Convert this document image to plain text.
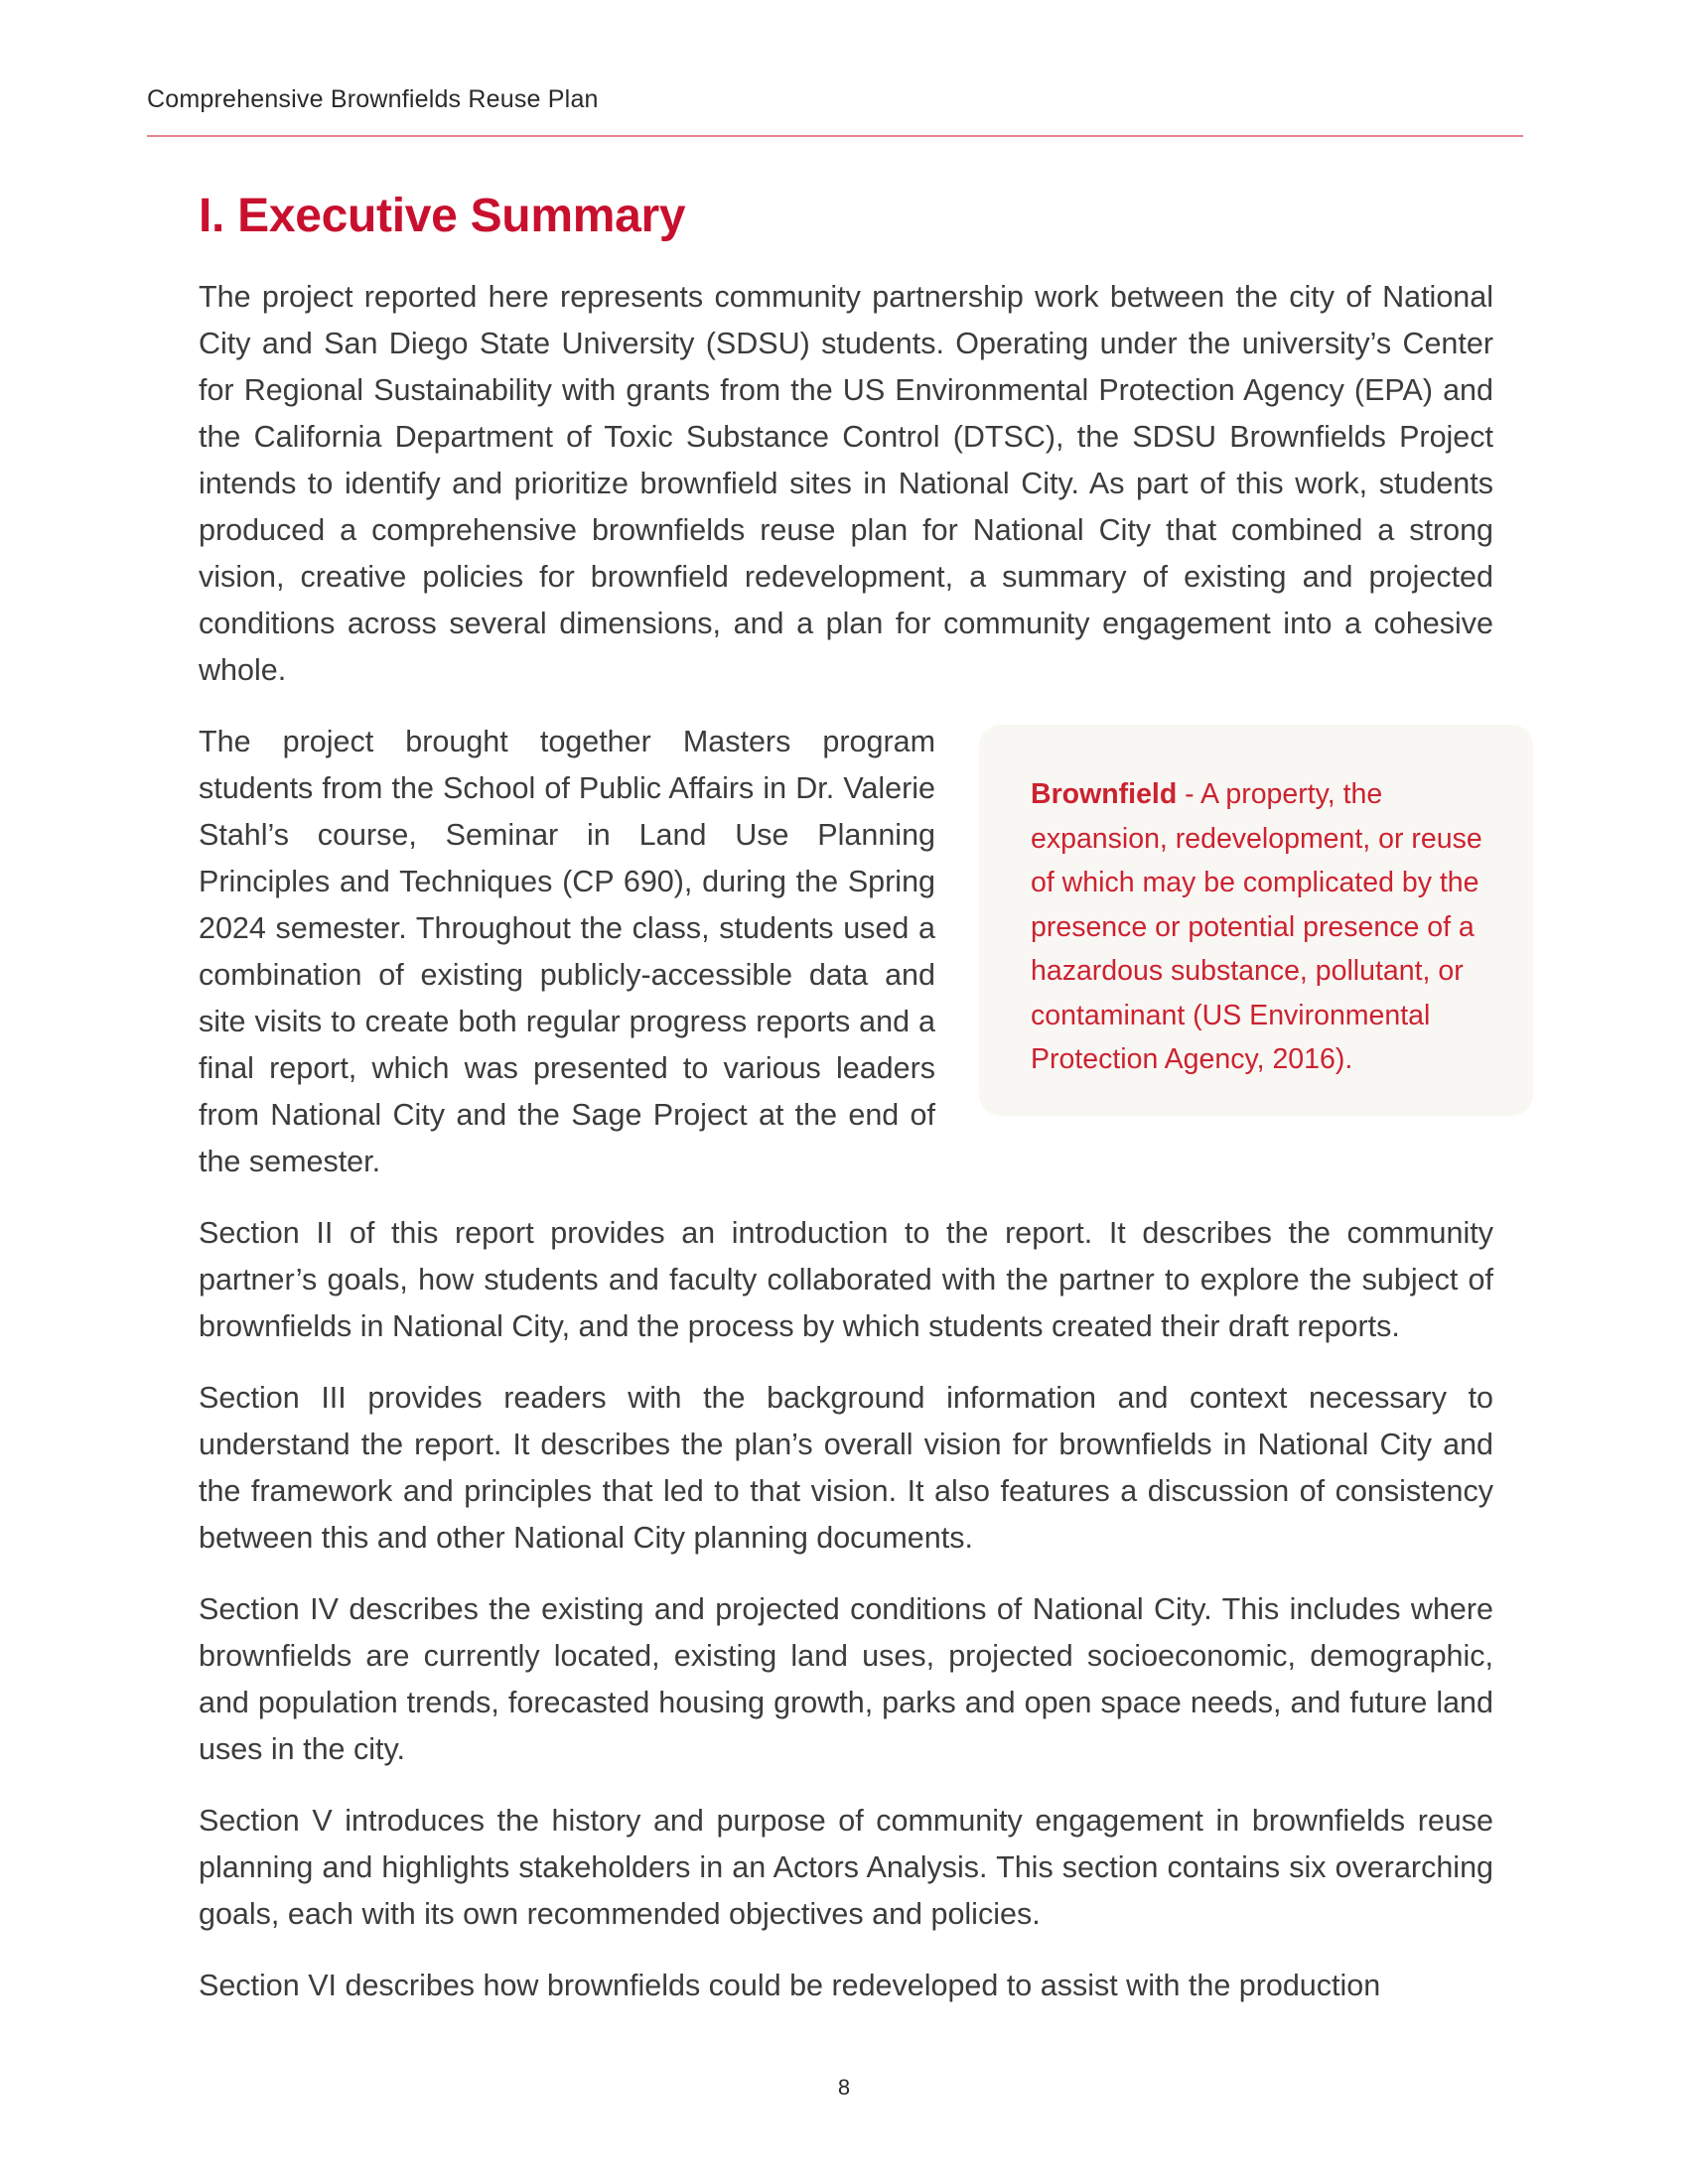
Comprehensive Brownfields Reuse Plan
I. Executive Summary

The project reported here represents community partnership work between the city of National City and San Diego State University (SDSU) students. Operating under the university’s Center for Regional Sustainability with grants from the US Environmental Protection Agency (EPA) and the California Department of Toxic Substance Control (DTSC), the SDSU Brownfields Project intends to identify and prioritize brownfield sites in National City. As part of this work, students produced a comprehensive brownfields reuse plan for National City that combined a strong vision, creative policies for brownfield redevelopment, a summary of existing and projected conditions across several dimensions, and a plan for community engagement into a cohesive whole.

Brownfield - A property, the expansion, redevelopment, or reuse of which may be complicated by the presence or potential presence of a hazardous substance, pollutant, or contaminant (US Environmental Protection Agency, 2016).

The project brought together Masters program students from the School of Public Affairs in Dr. Valerie Stahl’s course, Seminar in Land Use Planning Principles and Techniques (CP 690), during the Spring 2024 semester. Throughout the class, students used a combination of existing publicly-accessible data and site visits to create both regular progress reports and a final report, which was presented to various leaders from National City and the Sage Project at the end of the semester.

Section II of this report provides an introduction to the report. It describes the community partner’s goals, how students and faculty collaborated with the partner to explore the subject of brownfields in National City, and the process by which students created their draft reports.

Section III provides readers with the background information and context necessary to understand the report. It describes the plan’s overall vision for brownfields in National City and the framework and principles that led to that vision. It also features a discussion of consistency between this and other National City planning documents.

Section IV describes the existing and projected conditions of National City. This includes where brownfields are currently located, existing land uses, projected socioeconomic, demographic, and population trends, forecasted housing growth, parks and open space needs, and future land uses in the city.

Section V introduces the history and purpose of community engagement in brownfields reuse planning and highlights stakeholders in an Actors Analysis. This section contains six overarching goals, each with its own recommended objectives and policies.

Section VI describes how brownfields could be redeveloped to assist with the production

8
